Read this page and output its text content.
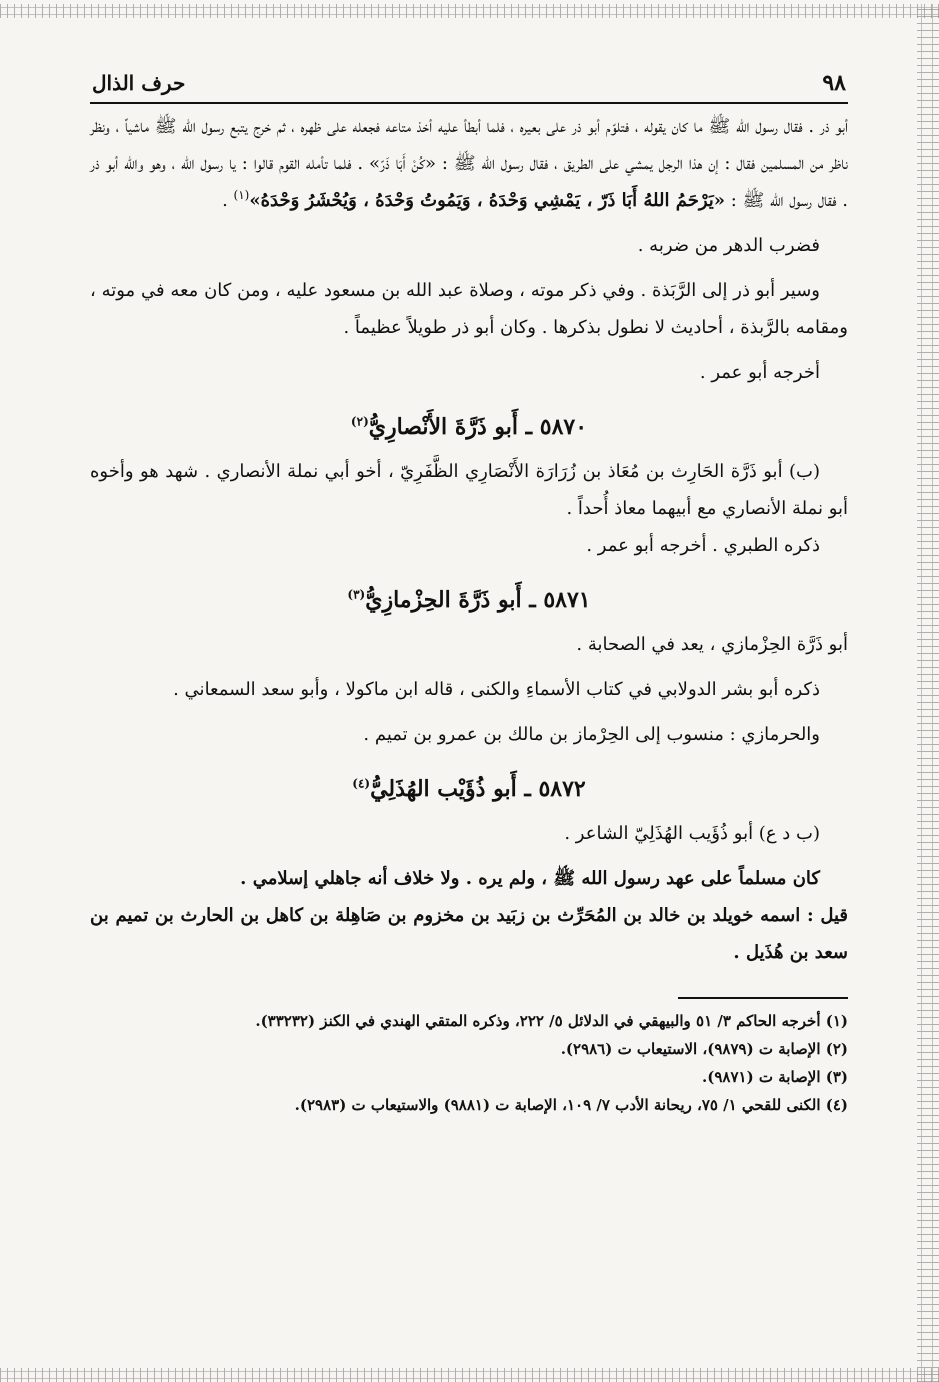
٩٨
حرف الذال

أبو ذر . فقال رسول الله ﷺ ما كان يقوله ، فتلوّم أبو ذر على بعيره ، فلما أبطأ عليه أخذ متاعه فجعله على ظهره ، ثم خرج يتبع رسول الله ﷺ ماشياً ، ونظر ناظر من المسلمين فقال : إن هذا الرجل يمشي على الطريق ، فقال رسول الله ﷺ : «كُنْ أَبَا ذَرّ» . فلما تأمله القوم قالوا : يا رسول الله ، وهو والله أبو ذر . فقال رسول الله ﷺ : «يَرْحَمُ اللهُ أَبَا ذَرّ ، يَمْشِي وَحْدَهُ ، وَيَمُوتُ وَحْدَهُ ، وَيُحْشَرُ وَحْدَهُ»$^{(١)}$ .

فضرب الدهر من ضربه .

وسير أبو ذر إلى الرَّبَذة . وفي ذكر موته ، وصلاة عبد الله بن مسعود عليه ، ومن كان معه في موته ، ومقامه بالرَّبذة ، أحاديث لا نطول بذكرها . وكان أبو ذر طويلاً عظيماً .

أخرجه أبو عمر .

٥٨٧٠ ـ أَبو ذَرَّةَ الأَنْصارِيُّ$^{(٢)}$

(ب) أبو ذَرَّة الحَارِث بن مُعَاذ بن زُرَارَة الأَنْصَارِي الظَّفَرِيّ ، أخو أبي نملة الأنصاري . شهد هو وأخوه أبو نملة الأنصاري مع أبيهما معاذ أُحداً .

ذكره الطبري . أخرجه أبو عمر .

٥٨٧١ ـ أَبو ذَرَّةَ الحِزْمازِيُّ$^{(٣)}$

أبو ذَرَّة الحِزْمازي ، يعد في الصحابة .

ذكره أبو بشر الدولابي في كتاب الأسماءِ والكنى ، قاله ابن ماكولا ، وأبو سعد السمعاني .

والحرمازي : منسوب إلى الحِرْماز بن مالك بن عمرو بن تميم .

٥٨٧٢ ـ أَبو ذُؤَيْب الهُذَلِيُّ$^{(٤)}$

(ب د ع) أبو ذُؤَيب الهُذَلِيّ الشاعر .

كان مسلماً على عهد رسول الله ﷺ ، ولم يره . ولا خلاف أنه جاهلي إسلامي .

قيل : اسمه خويلد بن خالد بن المُحَرِّث بن زبَيد بن مخزوم بن صَاهِلة بن كاهل بن الحارث بن تميم بن سعد بن هُذَيل .

(١) أخرجه الحاكم ٣/ ٥١ والبيهقي في الدلائل ٥/ ٢٢٢، وذكره المتقي الهندي في الكنز (٣٣٢٣٢).

(٢) الإصابة ت (٩٨٧٩)، الاستيعاب ت (٢٩٨٦).

(٣) الإصابة ت (٩٨٧١).

(٤) الكنى للقحي ١/ ٧٥، ريحانة الأدب ٧/ ١٠٩، الإصابة ت (٩٨٨١) والاستيعاب ت (٢٩٨٣).
